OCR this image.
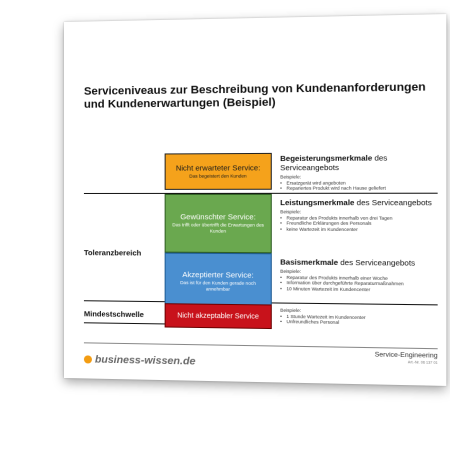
Serviceniveaus zur Beschreibung von Kundenanforderungen
und Kundenerwartungen (Beispiel)
Nicht erwarteter Service:
Das begeistert den Kunden
Gewünschter Service:
Das trifft oder übertrifft die Erwartungen des Kunden
Akzeptierter Service:
Das ist für den Kunden gerade noch annehmbar
Nicht akzeptabler Service
Toleranzbereich
Mindestschwelle
Begeisterungsmerkmale des Serviceangebots
Beispiele:
• Ersatzgerät wird angeboten
• Repariertes Produkt wird nach Hause geliefert
Leistungsmerkmale des Serviceangebots
Beispiele:
• Reparatur des Produkts innerhalb von drei Tagen
• Freundliche Erklärungen des Personals
• keine Wartezeit im Kundencenter
Basismerkmale des Serviceangebots
Beispiele:
• Reparatur des Produkts innerhalb einer Woche
• Information über durchgeführte Reparaturmaßnahmen
• 10 Minuten Wartezeit im Kundencenter
Beispiele:
• 1 Stunde Wartezeit im Kundencenter
• Unfreundliches Personal
business-wissen.de	Service-Engineering
Art.-Nr. 06 137 01
